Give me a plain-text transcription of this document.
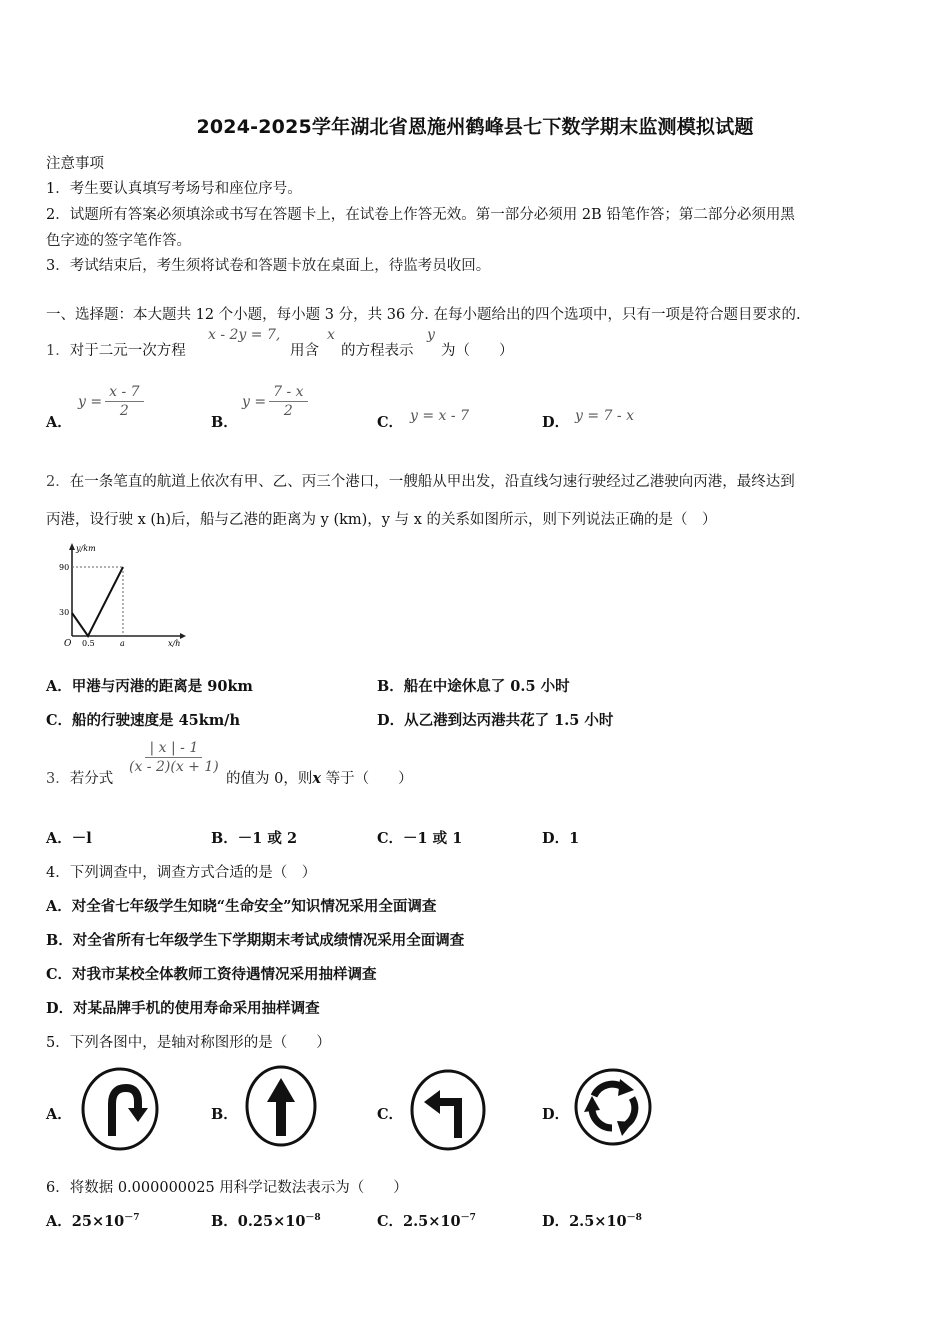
2024-2025学年湖北省恩施州鹤峰县七下数学期末监测模拟试题
注意事项
1．考生要认真填写考场号和座位序号。
2．试题所有答案必须填涂或书写在答题卡上，在试卷上作答无效。第一部分必须用 2B 铅笔作答；第二部分必须用黑
色字迹的签字笔作答。
3．考试结束后，考生须将试卷和答题卡放在桌面上，待监考员收回。
一、选择题：本大题共 12 个小题，每小题 3 分，共 36 分. 在每小题给出的四个选项中，只有一项是符合题目要求的.
1．对于二元一次方程
x - 2y = 7,
用含
x
的方程表示
y
为（　　）
A．
$y = \frac{x - 7}{2}$
B．
$y = \frac{7 - x}{2}$
C． y = x - 7	D． y = 7 - x
2．在一条笔直的航道上依次有甲、乙、丙三个港口，一艘船从甲出发，沿直线匀速行驶经过乙港驶向丙港，最终达到
丙港，设行驶 x (h)后，船与乙港的距离为 y (km)，y 与 x 的关系如图所示，则下列说法正确的是（　）
y/km
x/h
O
90
30
0.5	a
A．甲港与丙港的距离是 90km	B．船在中途休息了 0.5 小时
C．船的行驶速度是 45km/h	D．从乙港到达丙港共花了 1.5 小时
3．若分式
$\frac{| x | - 1}{(x - 2)(x + 1)}$
的值为 0，则x 等于（　　）
A．－l	B．－1 或 2	C．－1 或 1	D．1
4．下列调查中，调查方式合适的是（　）
A．对全省七年级学生知晓“生命安全”知识情况采用全面调查
B．对全省所有七年级学生下学期期末考试成绩情况采用全面调查
C．对我市某校全体教师工资待遇情况采用抽样调查
D．对某品牌手机的使用寿命采用抽样调查
5．下列各图中，是轴对称图形的是（　　）
A．	B．	C．	D．
6．将数据 0.000000025 用科学记数法表示为（　　）
A．$25\times 10^{-7}$	B．$0.25\times 10^{-8}$	C．$2.5\times 10^{-7}$	D．$2.5\times 10^{-8}$
